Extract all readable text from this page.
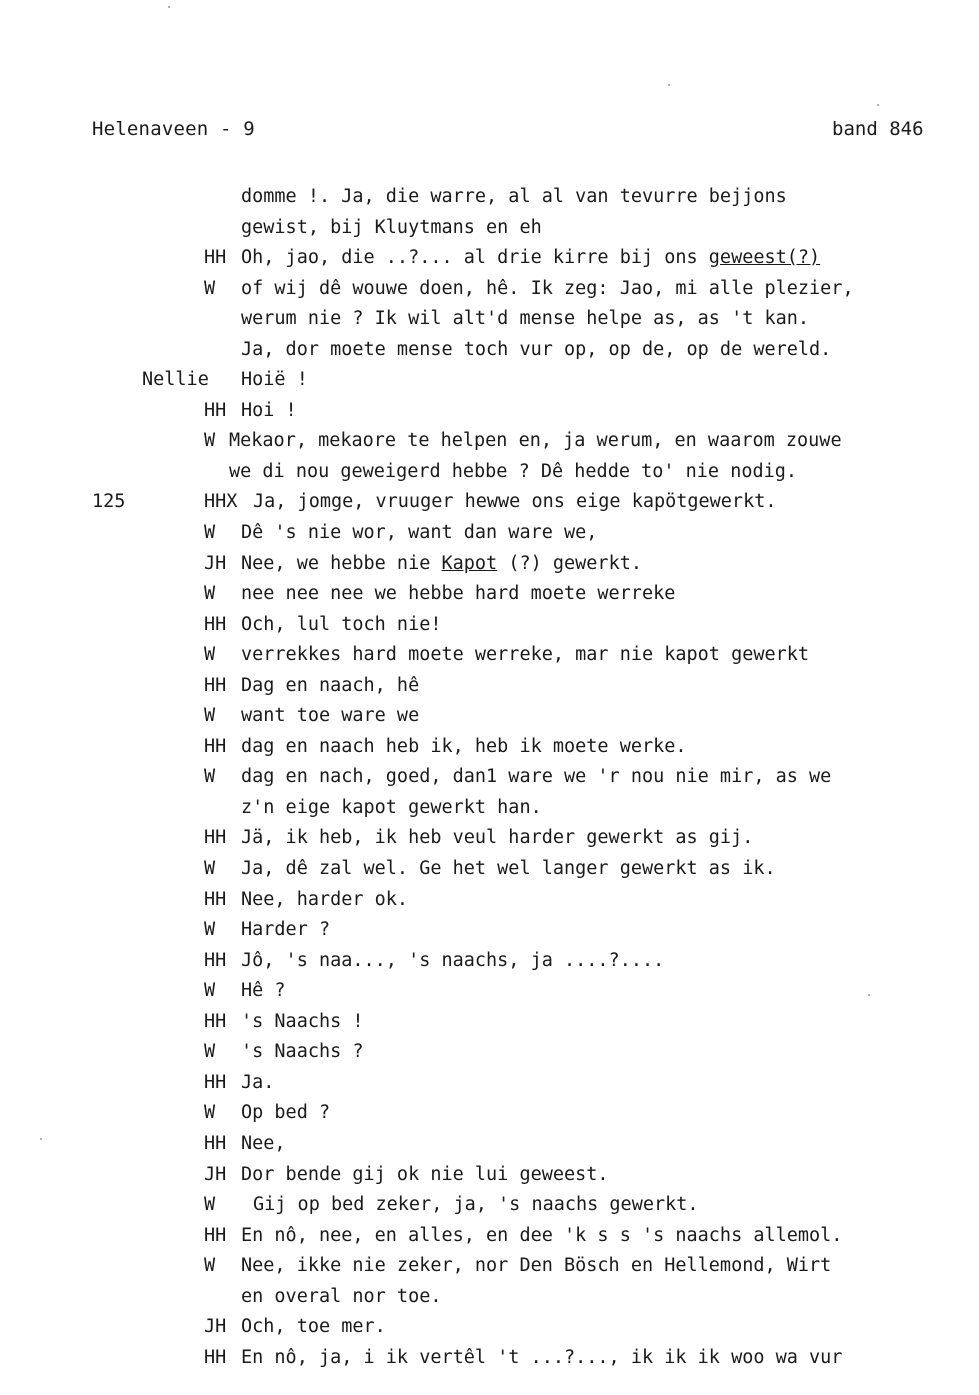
Helenaveen - 9	band 846
domme !. Ja, die warre, al al van tevurre bejjons
gewist, bij Kluytmans en eh
HH Oh, jao, die ..?... al drie kirre bij ons geweest(?)
W of wij dê wouwe doen, hê. Ik zeg: Jao, mi alle plezier,
werum nie ? Ik wil alt'd mense helpe as, as 't kan.
Ja, dor moete mense toch vur op, op de, op de wereld.
Nellie Hoië !
HH Hoi !
W Mekaor, mekaore te helpen en, ja werum, en waarom zouwe
we di nou geweigerd hebbe ? Dê hedde to' nie nodig.
125	HHX Ja, jomge, vruuger hewwe ons eige kapötgewerkt.
W Dê 's nie wor, want dan ware we,
JH Nee, we hebbe nie Kapot (?) gewerkt.
W nee nee nee we hebbe hard moete werreke
HH Och, lul toch nie!
W verrekkes hard moete werreke, mar nie kapot gewerkt
HH Dag en naach, hê
W want toe ware we
HH dag en naach heb ik, heb ik moete werke.
W dag en nach, goed, dan1 ware we 'r nou nie mir, as we
z'n eige kapot gewerkt han.
HH Jä, ik heb, ik heb veul harder gewerkt as gij.
W Ja, dê zal wel. Ge het wel langer gewerkt as ik.
HH Nee, harder ok.
W Harder ?
HH Jô, 's naa..., 's naachs, ja ....?....
W Hê ?
HH 's Naachs !
W 's Naachs ?
HH Ja.
W Op bed ?
HH Nee,
JH Dor bende gij ok nie lui geweest.
W Gij op bed zeker, ja, 's naachs gewerkt.
HH En nô, nee, en alles, en dee 'k s s 's naachs allemol.
W Nee, ikke nie zeker, nor Den Bösch en Hellemond, Wirt
en overal nor toe.
JH Och, toe mer.
HH En nô, ja, i ik vertêl 't ...?..., ik ik ik woo wa vur
